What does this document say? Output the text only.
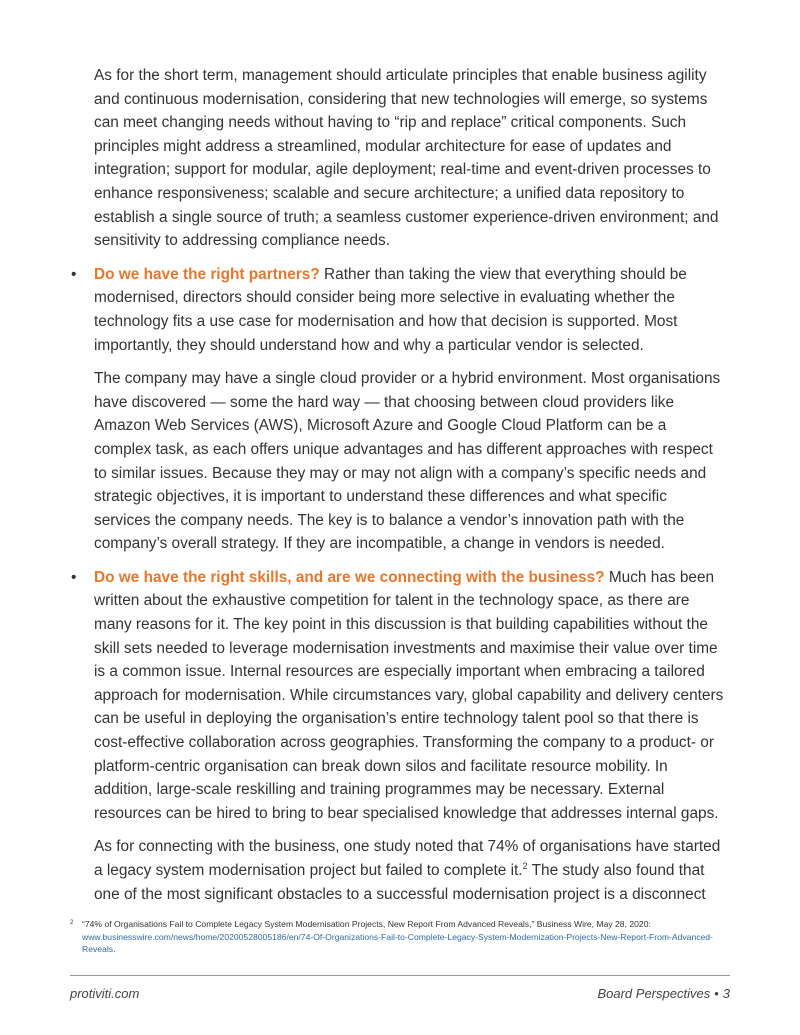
As for the short term, management should articulate principles that enable business agility and continuous modernisation, considering that new technologies will emerge, so systems can meet changing needs without having to “rip and replace” critical components. Such principles might address a streamlined, modular architecture for ease of updates and integration; support for modular, agile deployment; real-time and event-driven processes to enhance responsiveness; scalable and secure architecture; a unified data repository to establish a single source of truth; a seamless customer experience-driven environment; and sensitivity to addressing compliance needs.

• Do we have the right partners? Rather than taking the view that everything should be modernised, directors should consider being more selective in evaluating whether the technology fits a use case for modernisation and how that decision is supported. Most importantly, they should understand how and why a particular vendor is selected.

The company may have a single cloud provider or a hybrid environment. Most organisations have discovered — some the hard way — that choosing between cloud providers like Amazon Web Services (AWS), Microsoft Azure and Google Cloud Platform can be a complex task, as each offers unique advantages and has different approaches with respect to similar issues. Because they may or may not align with a company’s specific needs and strategic objectives, it is important to understand these differences and what specific services the company needs. The key is to balance a vendor’s innovation path with the company’s overall strategy. If they are incompatible, a change in vendors is needed.

• Do we have the right skills, and are we connecting with the business? Much has been written about the exhaustive competition for talent in the technology space, as there are many reasons for it. The key point in this discussion is that building capabilities without the skill sets needed to leverage modernisation investments and maximise their value over time is a common issue. Internal resources are especially important when embracing a tailored approach for modernisation. While circumstances vary, global capability and delivery centers can be useful in deploying the organisation’s entire technology talent pool so that there is cost-effective collaboration across geographies. Transforming the company to a product- or platform-centric organisation can break down silos and facilitate resource mobility. In addition, large-scale reskilling and training programmes may be necessary. External resources can be hired to bring to bear specialised knowledge that addresses internal gaps.

As for connecting with the business, one study noted that 74% of organisations have started a legacy system modernisation project but failed to complete it.$^2$ The study also found that one of the most significant obstacles to a successful modernisation project is a disconnect

2 “74% of Organisations Fail to Complete Legacy System Modernisation Projects, New Report From Advanced Reveals,” Business Wire, May 28, 2020: www.businesswire.com/news/home/20200528005186/en/74-Of-Organizations-Fail-to-Complete-Legacy-System-Modernization-Projects-New-Report-From-Advanced-Reveals.
protiviti.com	Board Perspectives • 3
